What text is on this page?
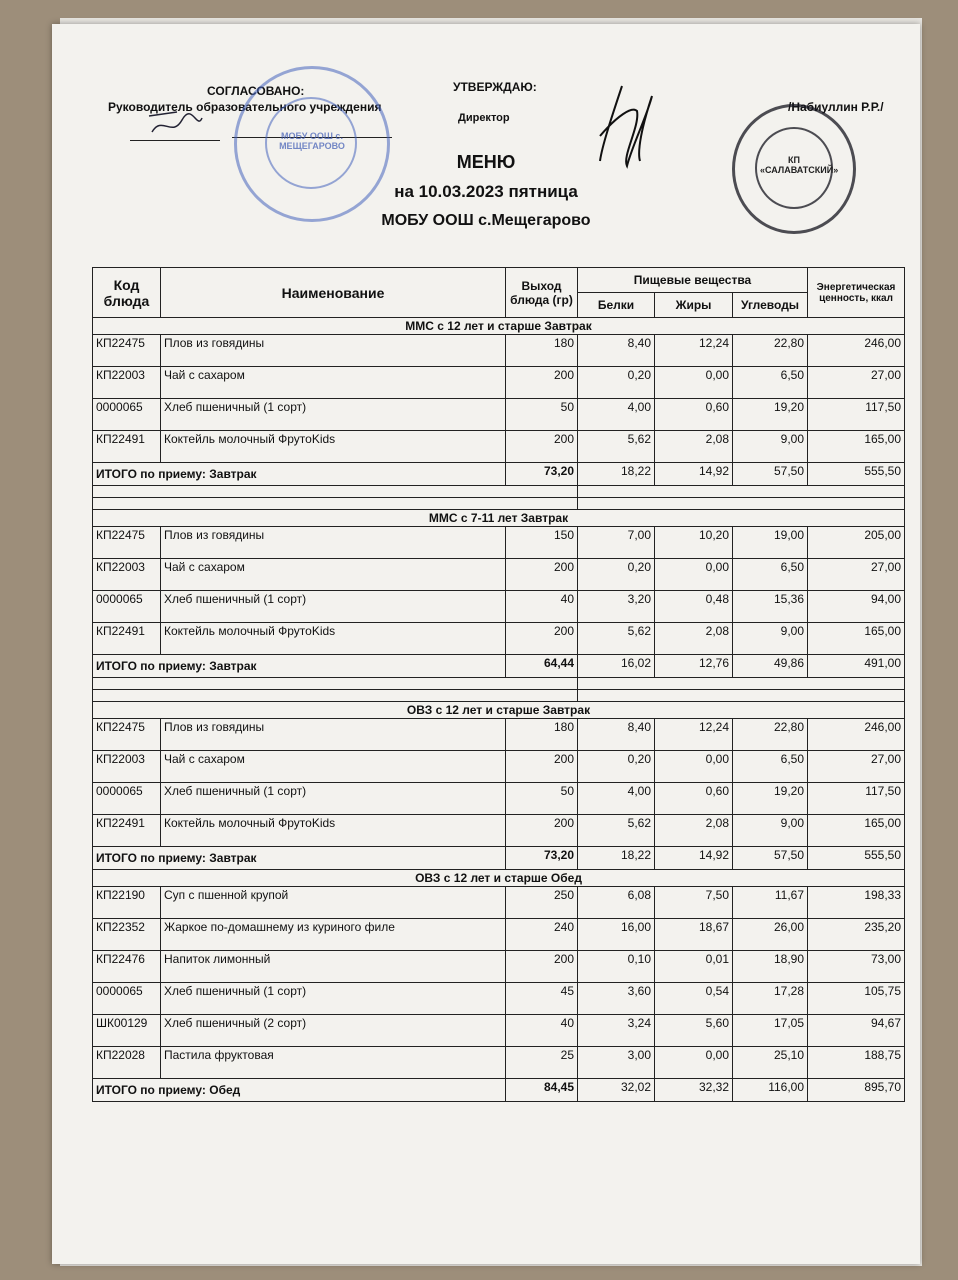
СОГЛАСОВАНО:
Руководитель образовательного учреждения
УТВЕРЖДАЮ:
Директор
/Набиуллин Р.Р./
МОБУ ООШ с. МЕЩЕГАРОВО
КП «САЛАВАТСКИЙ»
МЕНЮ
на 10.03.2023 пятница
МОБУ ООШ с.Мещегарово
Код блюда	Наименование	Выход блюда (гр)	Пищевые вещества			Энергетическая ценность, ккал
			Белки	Жиры	Углеводы	
ММС с 12 лет и старше Завтрак						
КП22475	Плов из говядины	180	8,40	12,24	22,80	246,00
КП22003	Чай с сахаром	200	0,20	0,00	6,50	27,00
0000065	Хлеб пшеничный (1 сорт)	50	4,00	0,60	19,20	117,50
КП22491	Коктейль молочный ФрутоKids	200	5,62	2,08	9,00	165,00
ИТОГО по приему: Завтрак		73,20	18,22	14,92	57,50	555,50

ММС с 7-11 лет Завтрак						
КП22475	Плов из говядины	150	7,00	10,20	19,00	205,00
КП22003	Чай с сахаром	200	0,20	0,00	6,50	27,00
0000065	Хлеб пшеничный (1 сорт)	40	3,20	0,48	15,36	94,00
КП22491	Коктейль молочный ФрутоKids	200	5,62	2,08	9,00	165,00
ИТОГО по приему: Завтрак		64,44	16,02	12,76	49,86	491,00

ОВЗ с 12 лет и старше Завтрак						
КП22475	Плов из говядины	180	8,40	12,24	22,80	246,00
КП22003	Чай с сахаром	200	0,20	0,00	6,50	27,00
0000065	Хлеб пшеничный (1 сорт)	50	4,00	0,60	19,20	117,50
КП22491	Коктейль молочный ФрутоKids	200	5,62	2,08	9,00	165,00
ИТОГО по приему: Завтрак		73,20	18,22	14,92	57,50	555,50
ОВЗ с 12 лет и старше Обед						
КП22190	Суп с пшенной крупой	250	6,08	7,50	11,67	198,33
КП22352	Жаркое по-домашнему из куриного филе	240	16,00	18,67	26,00	235,20
КП22476	Напиток лимонный	200	0,10	0,01	18,90	73,00
0000065	Хлеб пшеничный (1 сорт)	45	3,60	0,54	17,28	105,75
ШК00129	Хлеб пшеничный (2 сорт)	40	3,24	5,60	17,05	94,67
КП22028	Пастила фруктовая	25	3,00	0,00	25,10	188,75
ИТОГО по приему: Обед		84,45	32,02	32,32	116,00	895,70
